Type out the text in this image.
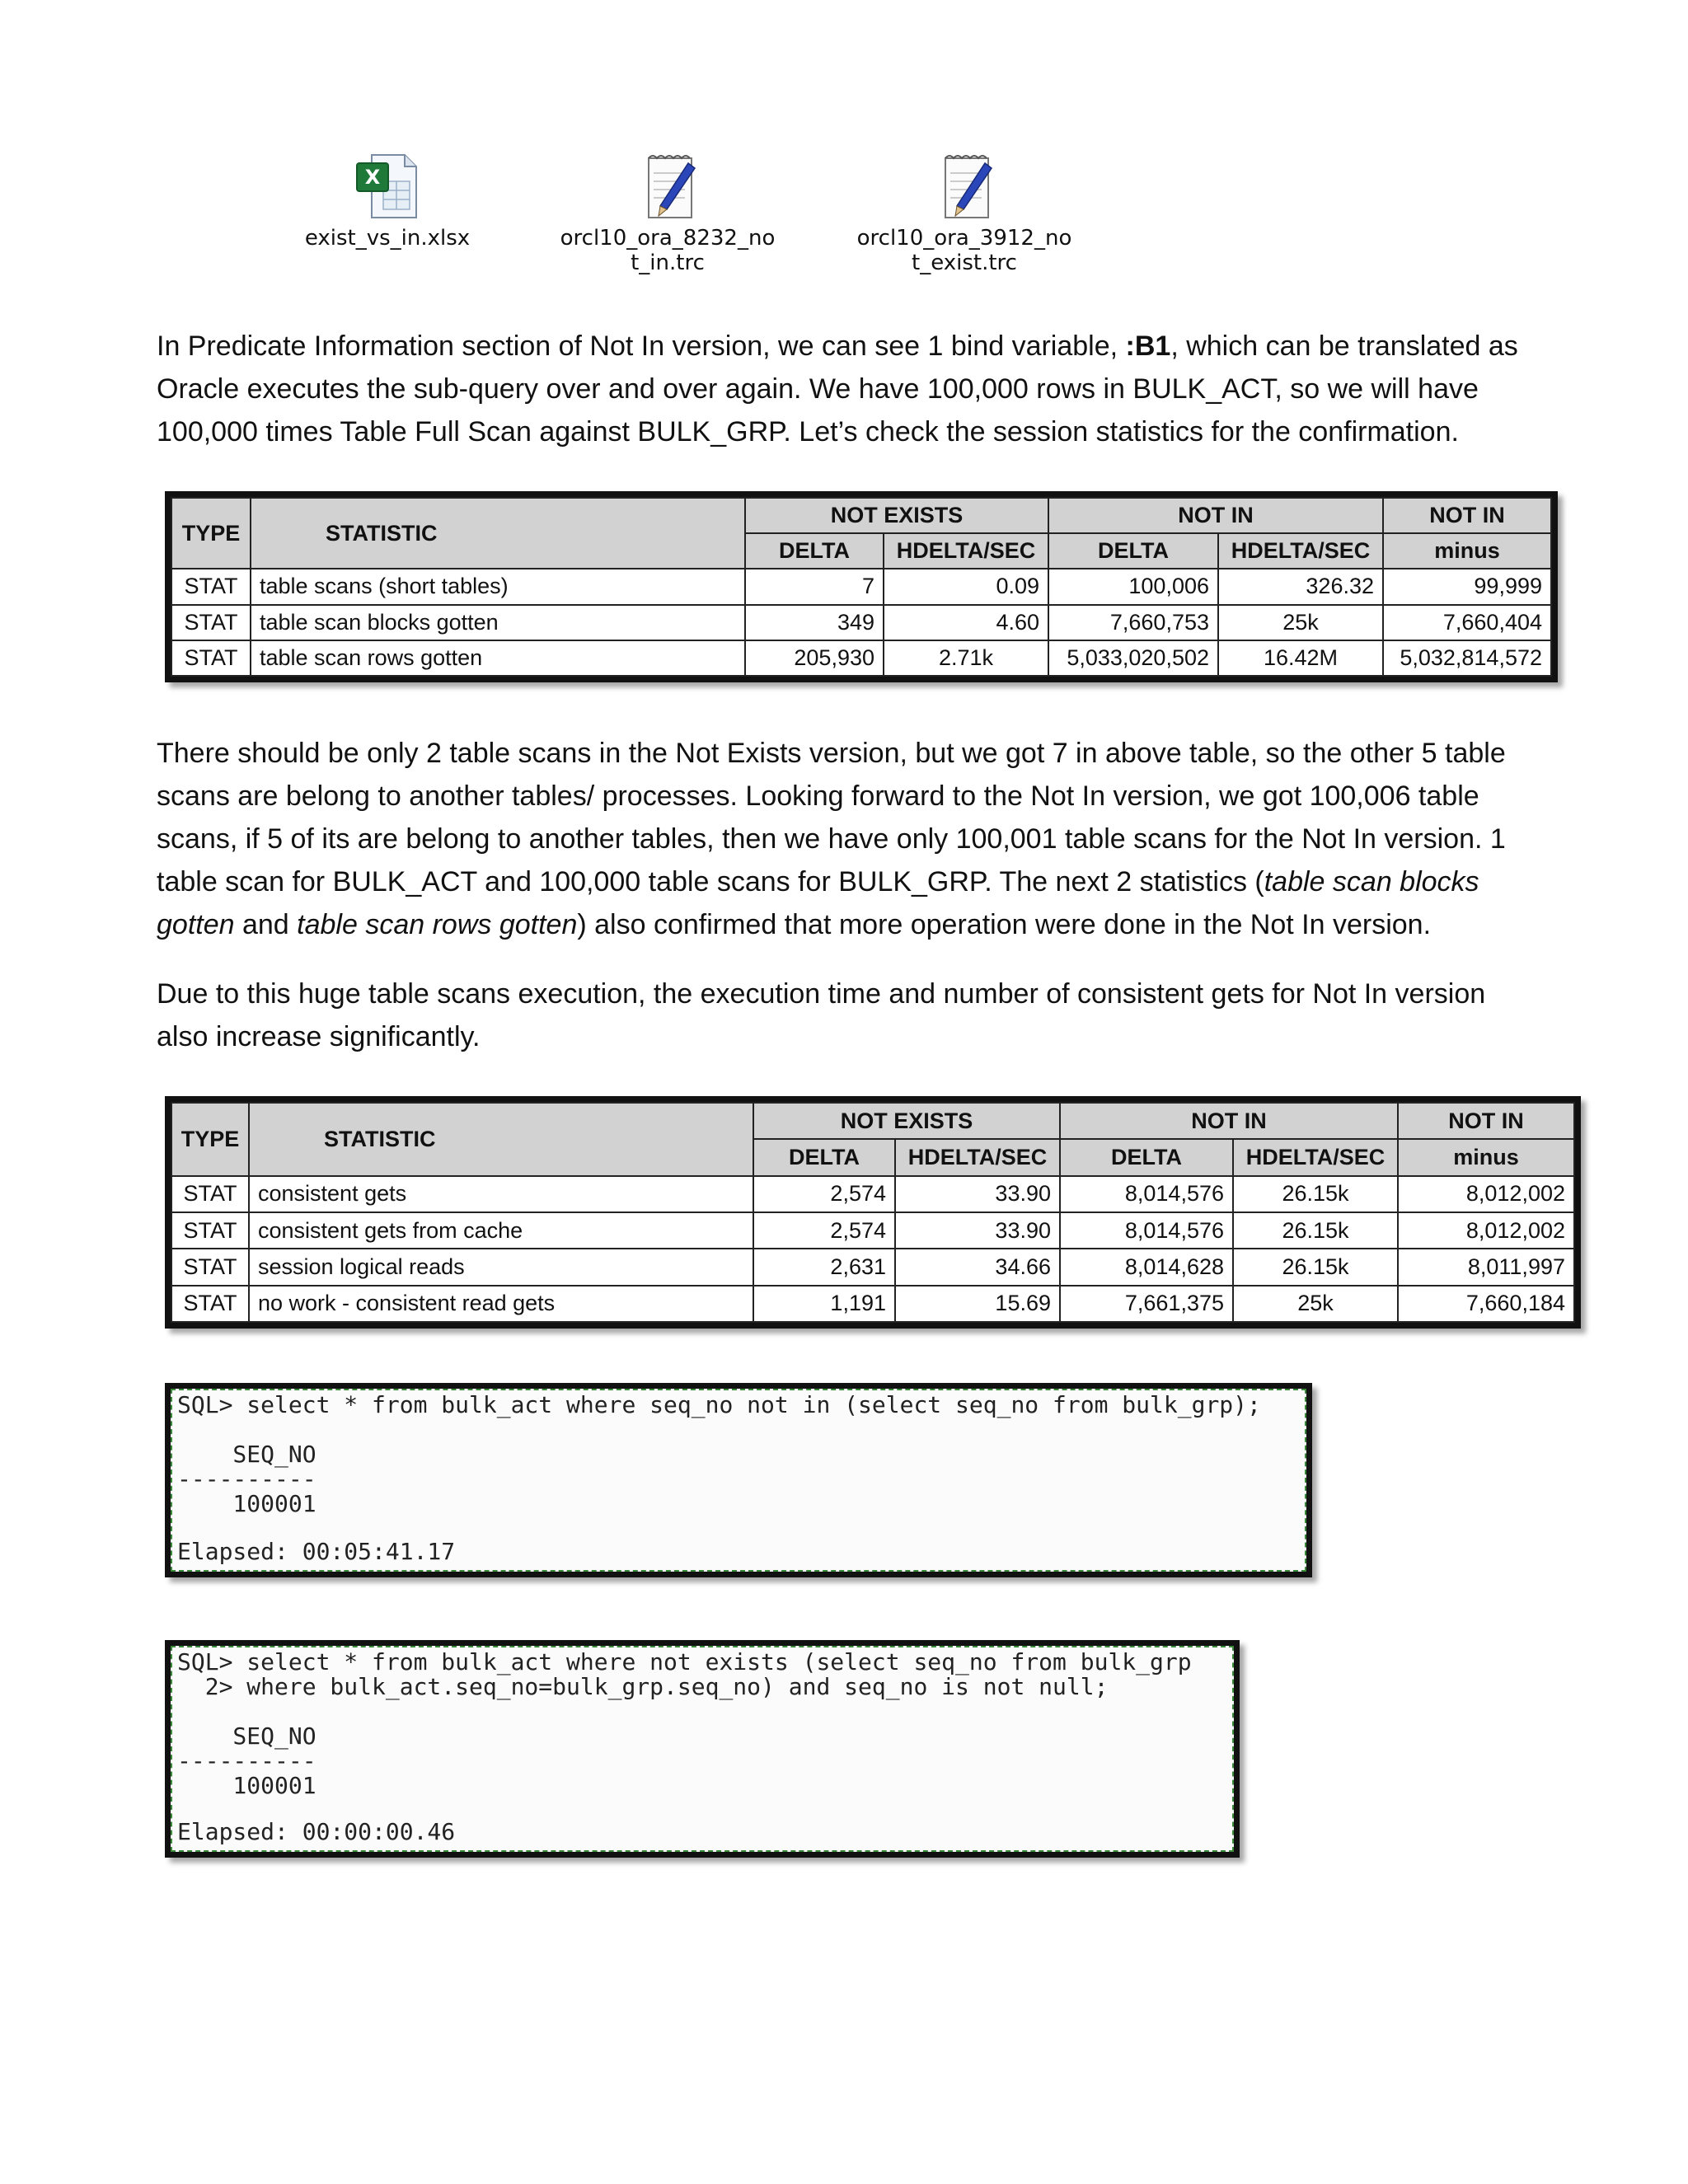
X
exist_vs_in.xlsx	orcl10_ora_8232_no
t_in.trc
orcl10_ora_3912_no
t_exist.trc

In Predicate Information section of Not In version, we can see 1 bind variable, :B1, which can be translated as Oracle executes the sub-query over and over again. We have 100,000 rows in BULK_ACT, so we will have 100,000 times Table Full Scan against BULK_GRP. Let’s check the session statistics for the confirmation.

TYPE	STATISTIC	NOT EXISTS		NOT IN		NOT IN
		DELTA	HDELTA/SEC	DELTA	HDELTA/SEC	minus
STAT	table scans (short tables)	7	0.09	100,006	326.32	99,999
STAT	table scan blocks gotten	349	4.60	7,660,753	25k	7,660,404
STAT	table scan rows gotten	205,930	2.71k	5,033,020,502	16.42M	5,032,814,572

There should be only 2 table scans in the Not Exists version, but we got 7 in above table, so the other 5 table scans are belong to another tables/ processes. Looking forward to the Not In version, we got 100,006 table scans, if 5 of its are belong to another tables, then we have only 100,001 table scans for the Not In version. 1 table scan for BULK_ACT and 100,000 table scans for BULK_GRP. The next 2 statistics (table scan blocks gotten and table scan rows gotten) also confirmed that more operation were done in the Not In version.

Due to this huge table scans execution, the execution time and number of consistent gets for Not In version also increase significantly.

TYPE	STATISTIC	NOT EXISTS		NOT IN		NOT IN
		DELTA	HDELTA/SEC	DELTA	HDELTA/SEC	minus
STAT	consistent gets	2,574	33.90	8,014,576	26.15k	8,012,002
STAT	consistent gets from cache	2,574	33.90	8,014,576	26.15k	8,012,002
STAT	session logical reads	2,631	34.66	8,014,628	26.15k	8,011,997
STAT	no work - consistent read gets	1,191	15.69	7,661,375	25k	7,660,184
SQL> select * from bulk_act where seq_no not in (select seq_no from bulk_grp);
SEQ_NO
----------
100001
Elapsed: 00:05:41.17
SQL> select * from bulk_act where not exists (select seq_no from bulk_grp
2> where bulk_act.seq_no=bulk_grp.seq_no) and seq_no is not null;
SEQ_NO
----------
100001
Elapsed: 00:00:00.46
